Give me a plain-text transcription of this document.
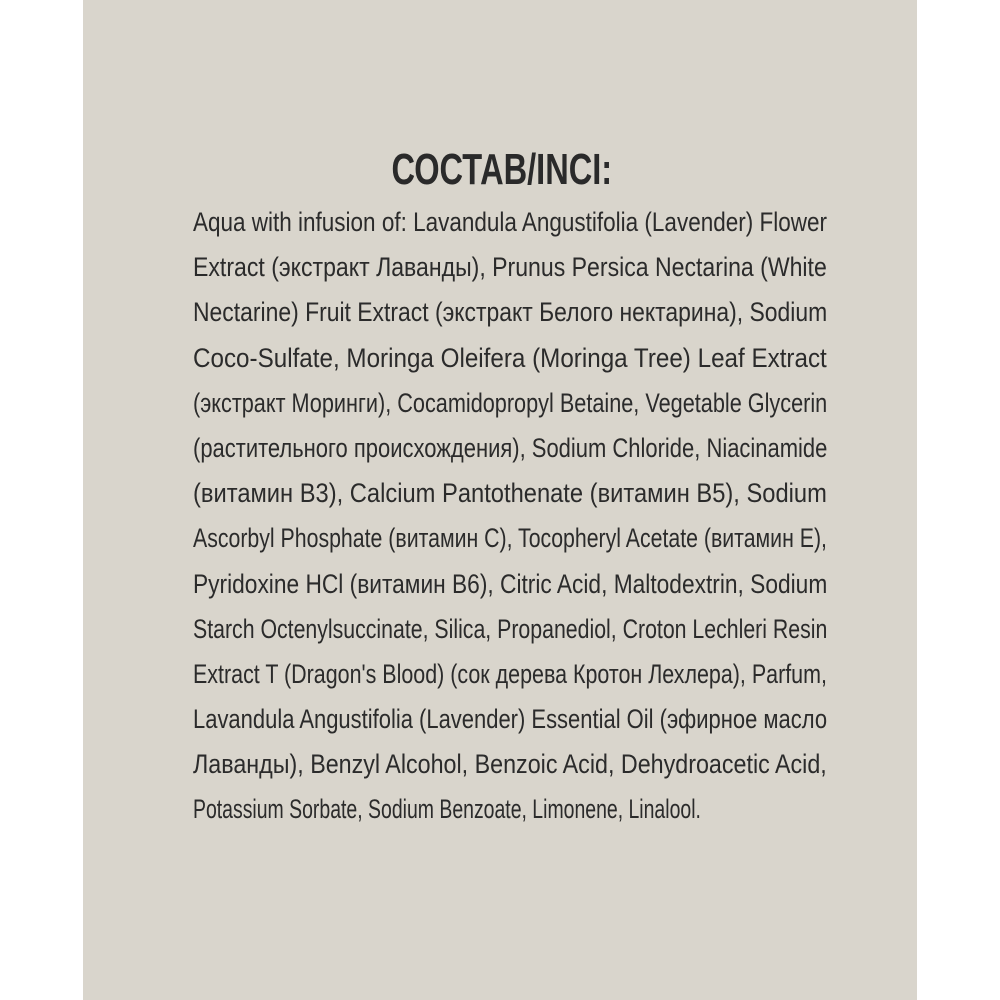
СОСТАВ/INCI:
Aqua with infusion of: Lavandula Angustifolia (Lavender) Flower
Extract (экстракт Лаванды), Prunus Persica Nectarina (White
Nectarine) Fruit Extract (экстракт Белого нектарина), Sodium
Coco-Sulfate, Moringa Oleifera (Moringa Tree) Leaf Extract
(экстракт Моринги), Cocamidopropyl Betaine, Vegetable Glycerin
(растительного происхождения), Sodium Chloride, Niacinamide
(витамин B3), Calcium Pantothenate (витамин B5), Sodium
Ascorbyl Phosphate (витамин C), Tocopheryl Acetate (витамин E),
Pyridoxine HCl (витамин B6), Citric Acid, Maltodextrin, Sodium
Starch Octenylsuccinate, Silica, Propanediol, Croton Lechleri Resin
Extract T (Dragon's Blood) (сок дерева Кротон Лехлера), Parfum,
Lavandula Angustifolia (Lavender) Essential Oil (эфирное масло
Лаванды), Benzyl Alcohol, Benzoic Acid, Dehydroacetic Acid,
Potassium Sorbate, Sodium Benzoate, Limonene, Linalool.
